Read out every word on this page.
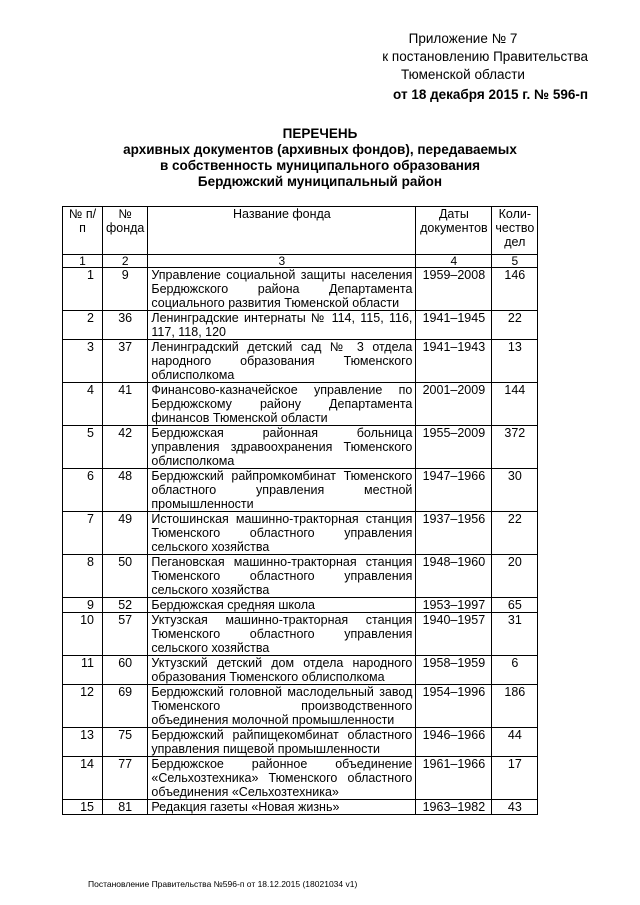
Приложение № 7
к постановлению Правительства
Тюменской области
от 18 декабря 2015 г. № 596-п
ПЕРЕЧЕНЬ
архивных документов (архивных фондов), передаваемых
в собственность муниципального образования
Бердюжский муниципальный район
№ п/п	№ фонда	Название фонда	Даты документов	Коли-чество дел
1	2	3	4	5
1	9	Управление социальной защиты населения Бердюжского района Департамента социального развития Тюменской области	1959–2008	146
2	36	Ленинградские интернаты № 114, 115, 116, 117, 118, 120	1941–1945	22
3	37	Ленинградский детский сад № 3 отдела народного образования Тюменского облисполкома	1941–1943	13
4	41	Финансово-казначейское управление по Бердюжскому району Департамента финансов Тюменской области	2001–2009	144
5	42	Бердюжская районная больница управления здравоохранения Тюменского облисполкома	1955–2009	372
6	48	Бердюжский райпромкомбинат Тюменского областного управления местной промышленности	1947–1966	30
7	49	Истошинская машинно-тракторная станция Тюменского областного управления сельского хозяйства	1937–1956	22
8	50	Пегановская машинно-тракторная станция Тюменского областного управления сельского хозяйства	1948–1960	20
9	52	Бердюжская средняя школа	1953–1997	65
10	57	Уктузская машинно-тракторная станция Тюменского областного управления сельского хозяйства	1940–1957	31
11	60	Уктузский детский дом отдела народного образования Тюменского облисполкома	1958–1959	6
12	69	Бердюжский головной маслодельный завод Тюменского производственного объединения молочной промышленности	1954–1996	186
13	75	Бердюжский райпищекомбинат областного управления пищевой промышленности	1946–1966	44
14	77	Бердюжское районное объединение «Сельхозтехника» Тюменского областного объединения «Сельхозтехника»	1961–1966	17
15	81	Редакция газеты «Новая жизнь»	1963–1982	43
Постановление Правительства №596-п от 18.12.2015 (18021034 v1)
